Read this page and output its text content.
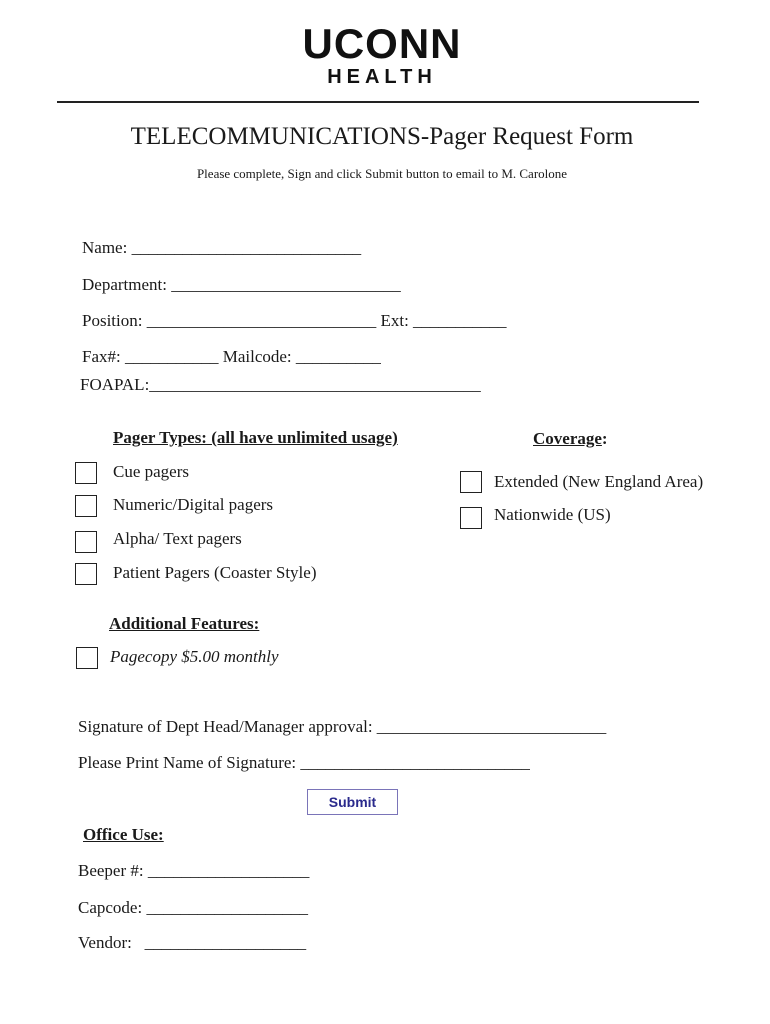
UCONN
HEALTH
TELECOMMUNICATIONS-Pager Request Form
Please complete, Sign and click Submit button to email to M. Carolone
Name: ___________________________
Department: ___________________________
Position: ___________________________ Ext: ___________
Fax#: ___________ Mailcode: __________
FOAPAL:_______________________________________
Pager Types: (all have unlimited usage)
Cue pagers
Numeric/Digital pagers
Alpha/ Text pagers
Patient Pagers (Coaster Style)
Coverage:
Extended (New England Area)
Nationwide (US)
Additional Features:
Pagecopy $5.00 monthly
Signature of Dept Head/Manager approval: ___________________________
Please Print Name of Signature: ___________________________
Submit
Office Use:
Beeper #: ___________________
Capcode: ___________________
Vendor:   ___________________
